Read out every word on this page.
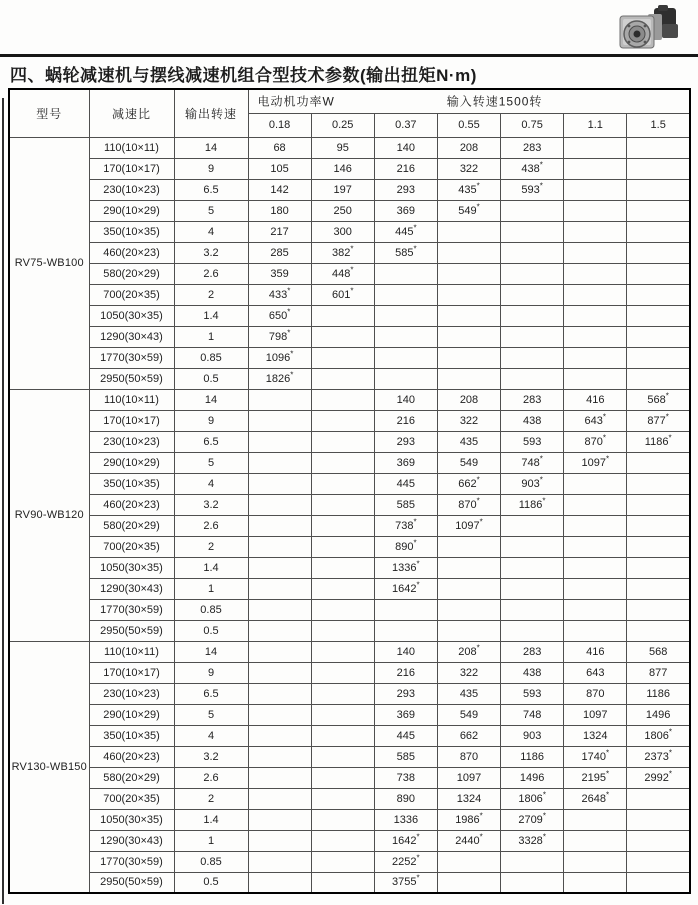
四、蜗轮减速机与摆线减速机组合型技术参数(输出扭矩N·m)
型号	减速比	输出转速	电动机功率W 输入转速1500转						

			0.18	0.25	0.37	0.55	0.75	1.1	1.5
RV75-WB100	110(10×11)	14	68	95	140	208	283		
	170(10×17)	9	105	146	216	322	438*		
	230(10×23)	6.5	142	197	293	435*	593*		
	290(10×29)	5	180	250	369	549*			
	350(10×35)	4	217	300	445*				
	460(20×23)	3.2	285	382*	585*				
	580(20×29)	2.6	359	448*					
	700(20×35)	2	433*	601*					
	1050(30×35)	1.4	650*						
	1290(30×43)	1	798*						
	1770(30×59)	0.85	1096*						
	2950(50×59)	0.5	1826*						
RV90-WB120	110(10×11)	14			140	208	283	416	568*
	170(10×17)	9			216	322	438	643*	877*
	230(10×23)	6.5			293	435	593	870*	1186*
	290(10×29)	5			369	549	748*	1097*	
	350(10×35)	4			445	662*	903*		
	460(20×23)	3.2			585	870*	1186*		
	580(20×29)	2.6			738*	1097*			
	700(20×35)	2			890*				
	1050(30×35)	1.4			1336*				
	1290(30×43)	1			1642*				
	1770(30×59)	0.85							
	2950(50×59)	0.5							
RV130-WB150	110(10×11)	14			140	208*	283	416	568
	170(10×17)	9			216	322	438	643	877
	230(10×23)	6.5			293	435	593	870	1186
	290(10×29)	5			369	549	748	1097	1496
	350(10×35)	4			445	662	903	1324	1806*
	460(20×23)	3.2			585	870	1186	1740*	2373*
	580(20×29)	2.6			738	1097	1496	2195*	2992*
	700(20×35)	2			890	1324	1806*	2648*	
	1050(30×35)	1.4			1336	1986*	2709*		
	1290(30×43)	1			1642*	2440*	3328*		
	1770(30×59)	0.85			2252*				
	2950(50×59)	0.5			3755*				
